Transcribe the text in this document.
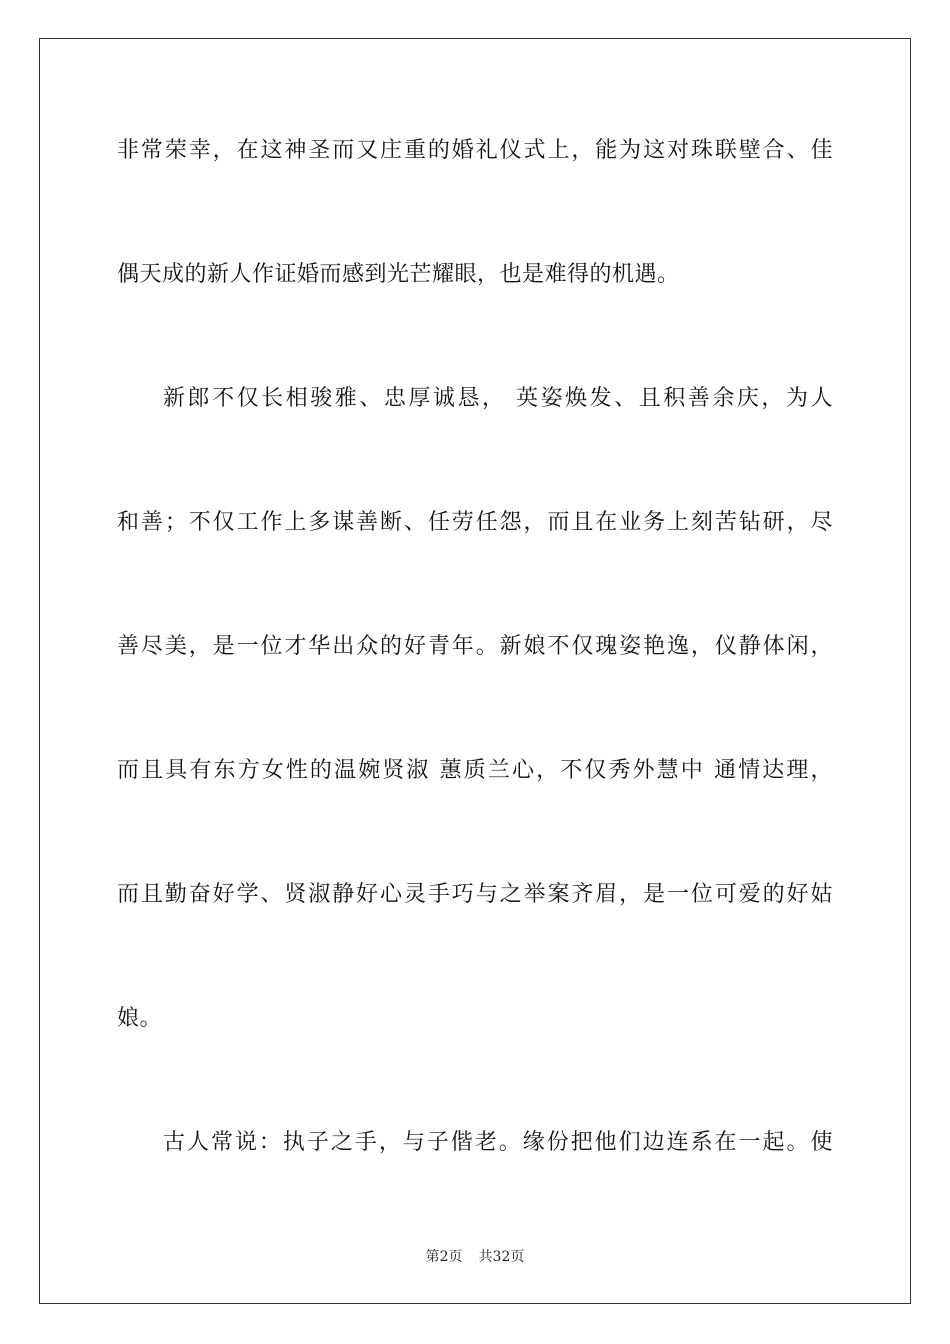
非常荣幸，在这神圣而又庄重的婚礼仪式上，能为这对珠联壁合、佳
偶天成的新人作证婚而感到光芒耀眼，也是难得的机遇。
新郎不仅长相骏雅、忠厚诚恳， 英姿焕发、且积善余庆，为人
和善；不仅工作上多谋善断、任劳任怨，而且在业务上刻苦钻研，尽
善尽美，是一位才华出众的好青年。新娘不仅瑰姿艳逸，仪静体闲，
而且具有东方女性的温婉贤淑 蕙质兰心，不仅秀外慧中 通情达理，
而且勤奋好学、贤淑静好心灵手巧与之举案齐眉，是一位可爱的好姑
娘。
古人常说：执子之手，与子偕老。缘份把他们边连系在一起。使
第2页 共32页
